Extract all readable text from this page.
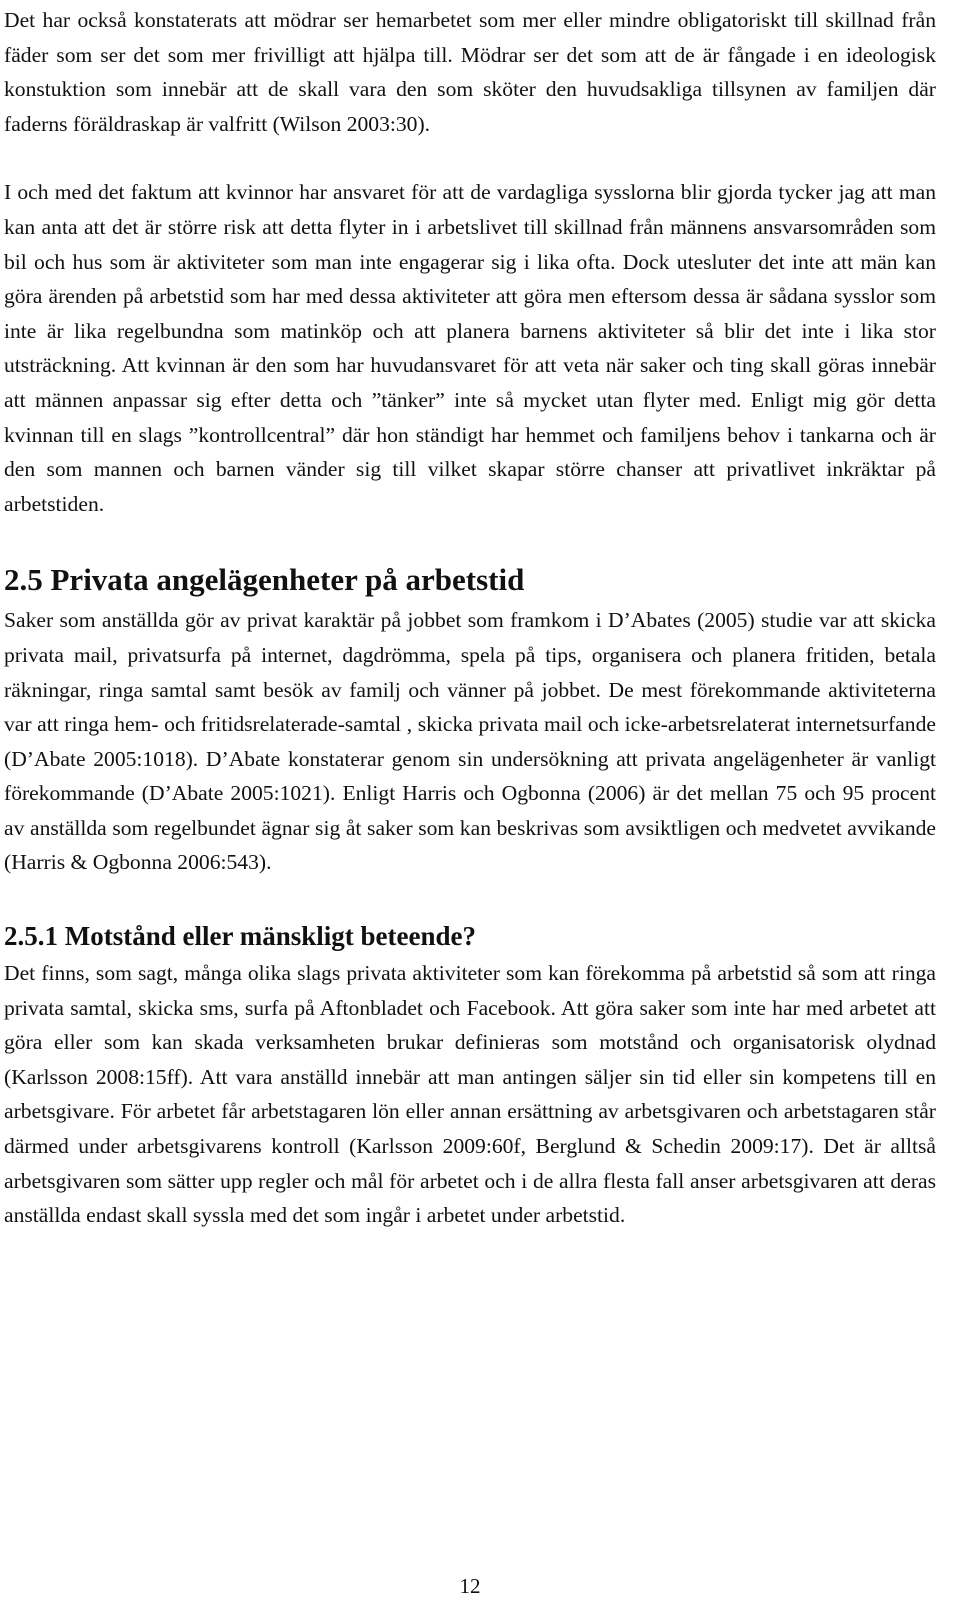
Det har också konstaterats att mödrar ser hemarbetet som mer eller mindre obligatoriskt till skillnad från fäder som ser det som mer frivilligt att hjälpa till. Mödrar ser det som att de är fångade i en ideologisk konstuktion som innebär att de skall vara den som sköter den huvudsakliga tillsynen av familjen där faderns föräldraskap är valfritt (Wilson 2003:30).

I och med det faktum att kvinnor har ansvaret för att de vardagliga sysslorna blir gjorda tycker jag att man kan anta att det är större risk att detta flyter in i arbetslivet till skillnad från männens ansvarsområden som bil och hus som är aktiviteter som man inte engagerar sig i lika ofta. Dock utesluter det inte att män kan göra ärenden på arbetstid som har med dessa aktiviteter att göra men eftersom dessa är sådana sysslor som inte är lika regelbundna som matinköp och att planera barnens aktiviteter så blir det inte i lika stor utsträckning. Att kvinnan är den som har huvudansvaret för att veta när saker och ting skall göras innebär att männen anpassar sig efter detta och ”tänker” inte så mycket utan flyter med. Enligt mig gör detta kvinnan till en slags ”kontrollcentral” där hon ständigt har hemmet och familjens behov i tankarna och är den som mannen och barnen vänder sig till vilket skapar större chanser att privatlivet inkräktar på arbetstiden.

2.5 Privata angelägenheter på arbetstid

Saker som anställda gör av privat karaktär på jobbet som framkom i D’Abates (2005) studie var att skicka privata mail, privatsurfa på internet, dagdrömma, spela på tips, organisera och planera fritiden, betala räkningar, ringa samtal samt besök av familj och vänner på jobbet. De mest förekommande aktiviteterna var att ringa hem- och fritidsrelaterade-samtal , skicka privata mail och icke-arbetsrelaterat internetsurfande (D’Abate 2005:1018). D’Abate konstaterar genom sin undersökning att privata angelägenheter är vanligt förekommande (D’Abate 2005:1021). Enligt Harris och Ogbonna (2006) är det mellan 75 och 95 procent av anställda som regelbundet ägnar sig åt saker som kan beskrivas som avsiktligen och medvetet avvikande (Harris & Ogbonna 2006:543).

2.5.1 Motstånd eller mänskligt beteende?

Det finns, som sagt, många olika slags privata aktiviteter som kan förekomma på arbetstid så som att ringa privata samtal, skicka sms, surfa på Aftonbladet och Facebook. Att göra saker som inte har med arbetet att göra eller som kan skada verksamheten brukar definieras som motstånd och organisatorisk olydnad (Karlsson 2008:15ff). Att vara anställd innebär att man antingen säljer sin tid eller sin kompetens till en arbetsgivare. För arbetet får arbetstagaren lön eller annan ersättning av arbetsgivaren och arbetstagaren står därmed under arbetsgivarens kontroll (Karlsson 2009:60f, Berglund & Schedin 2009:17). Det är alltså arbetsgivaren som sätter upp regler och mål för arbetet och i de allra flesta fall anser arbetsgivaren att deras anställda endast skall syssla med det som ingår i arbetet under arbetstid.

12
